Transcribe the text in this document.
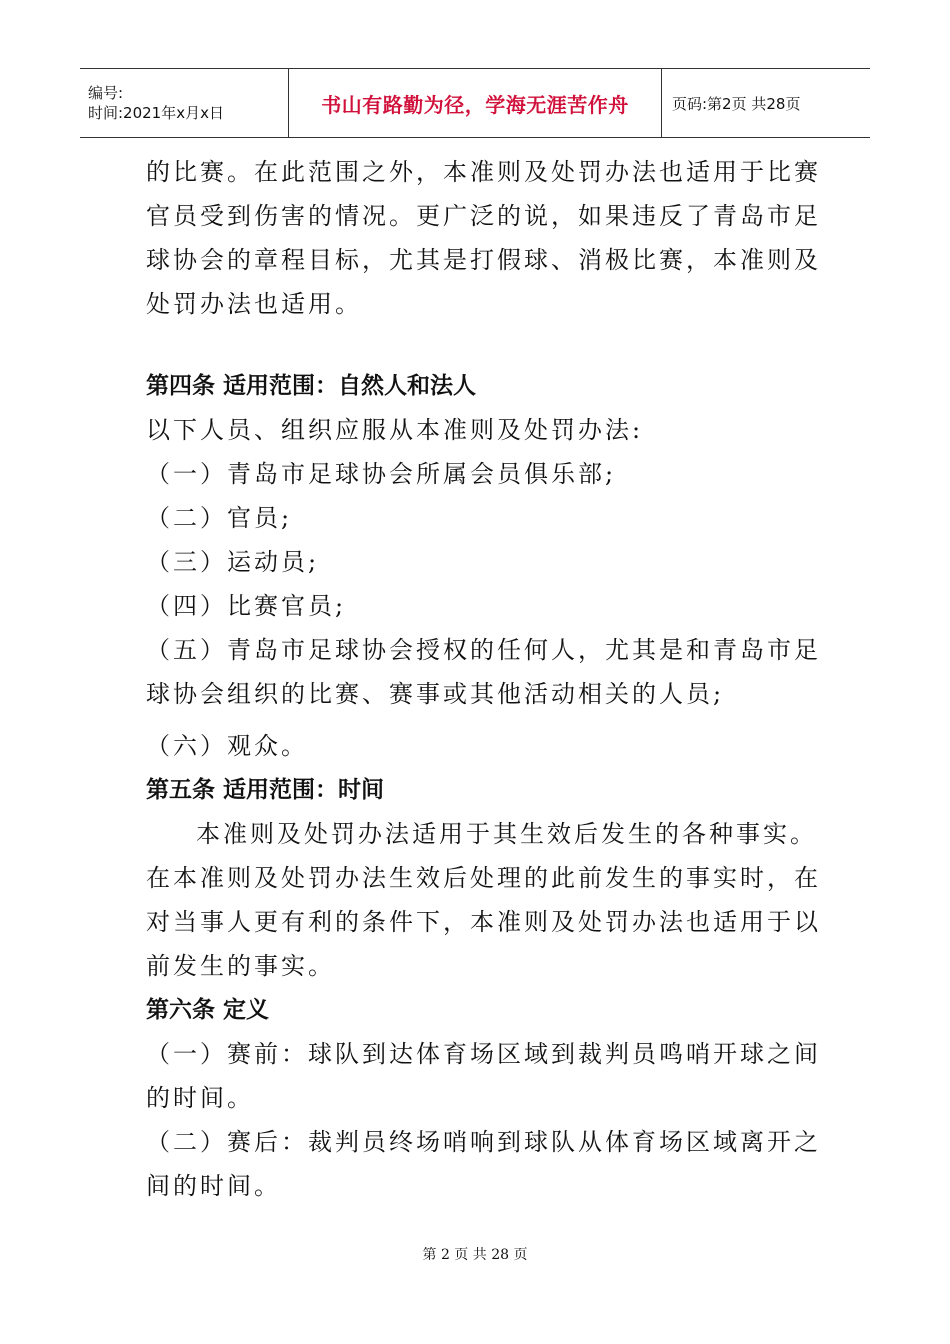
编号:
时间:2021年x月x日	书山有路勤为径，学海无涯苦作舟	页码:第2页 共28页

的比赛。在此范围之外，本准则及处罚办法也适用于比赛

官员受到伤害的情况。更广泛的说，如果违反了青岛市足

球协会的章程目标，尤其是打假球、消极比赛，本准则及

处罚办法也适用。

第四条 适用范围：自然人和法人

以下人员、组织应服从本准则及处罚办法:

（一）青岛市足球协会所属会员俱乐部;

（二）官员;

（三）运动员;

（四）比赛官员;

（五）青岛市足球协会授权的任何人，尤其是和青岛市足

球协会组织的比赛、赛事或其他活动相关的人员;

（六）观众。

第五条 适用范围：时间

本准则及处罚办法适用于其生效后发生的各种事实。

在本准则及处罚办法生效后处理的此前发生的事实时，在

对当事人更有利的条件下，本准则及处罚办法也适用于以

前发生的事实。

第六条 定义

（一）赛前：球队到达体育场区域到裁判员鸣哨开球之间

的时间。

（二）赛后：裁判员终场哨响到球队从体育场区域离开之

间的时间。

第 2 页 共 28 页
